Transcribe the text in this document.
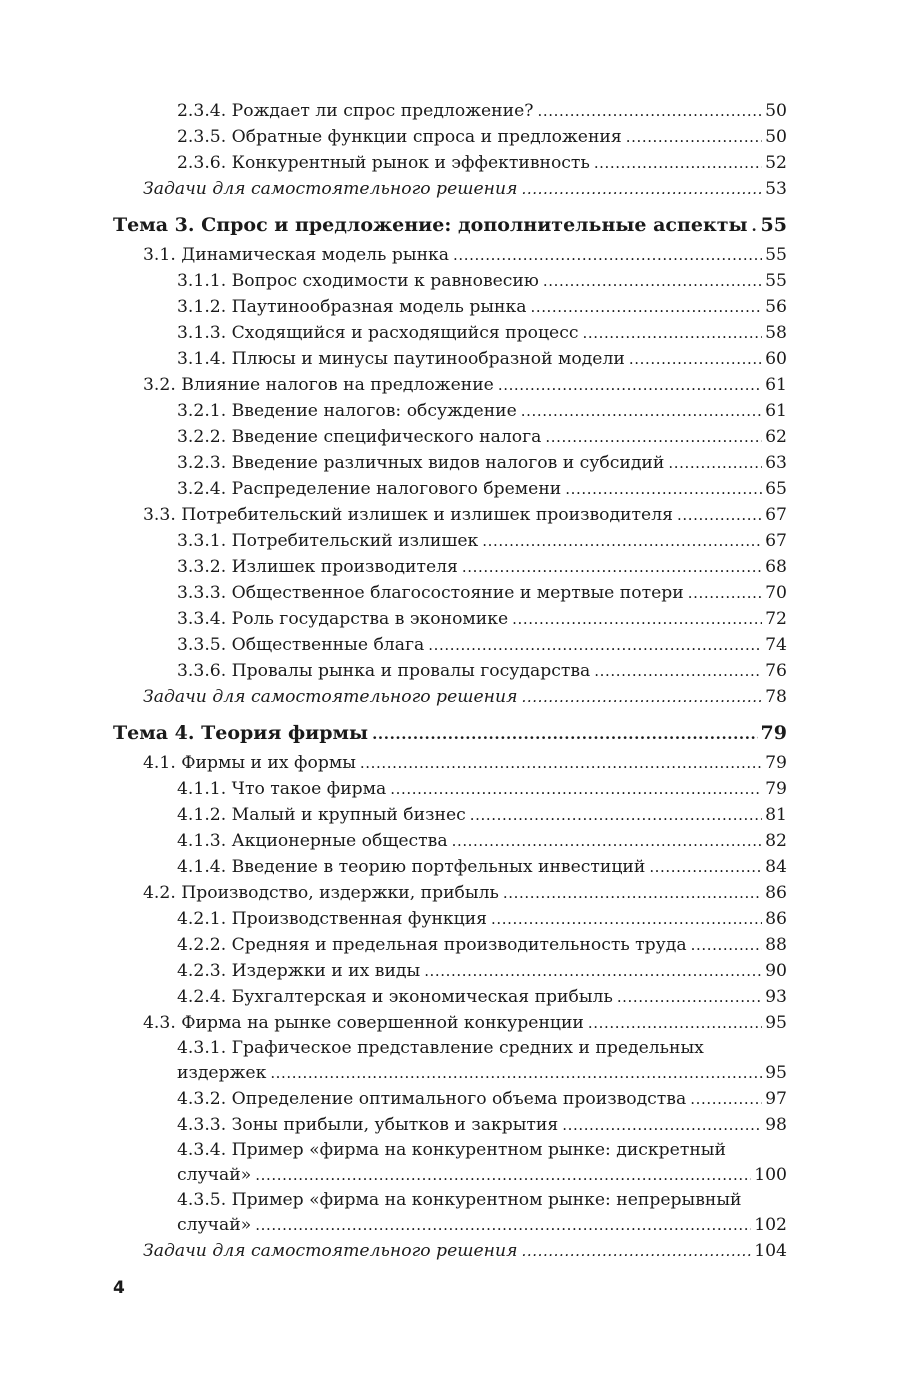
2.3.4. Рождает ли спрос предложение? .....	50
2.3.5. Обратные функции спроса и предложения .....	50
2.3.6. Конкурентный рынок и эффективность .....	52
Задачи для самостоятельного решения .....	53
Тема 3. Спрос и предложение: дополнительные аспекты ..... 55
3.1. Динамическая модель рынка .....	55
3.1.1. Вопрос сходимости к равновесию .....	55
3.1.2. Паутинообразная модель рынка .....	56
3.1.3. Сходящийся и расходящийся процесс .....	58
3.1.4. Плюсы и минусы паутинообразной модели .....	60
3.2. Влияние налогов на предложение .....	61
3.2.1. Введение налогов: обсуждение .....	61
3.2.2. Введение специфического налога .....	62
3.2.3. Введение различных видов налогов и субсидий .....	63
3.2.4. Распределение налогового бремени .....	65
3.3. Потребительский излишек и излишек производителя .....	67
3.3.1. Потребительский излишек .....	67
3.3.2. Излишек производителя .....	68
3.3.3. Общественное благосостояние и мертвые потери .....	70
3.3.4. Роль государства в экономике .....	72
3.3.5. Общественные блага .....	74
3.3.6. Провалы рынка и провалы государства .....	76
Задачи для самостоятельного решения .....	78
Тема 4. Теория фирмы .....	79
4.1. Фирмы и их формы .....	79
4.1.1. Что такое фирма .....	79
4.1.2. Малый и крупный бизнес .....	81
4.1.3. Акционерные общества .....	82
4.1.4. Введение в теорию портфельных инвестиций .....	84
4.2. Производство, издержки, прибыль .....	86
4.2.1. Производственная функция .....	86
4.2.2. Средняя и предельная производительность труда .....	88
4.2.3. Издержки и их виды .....	90
4.2.4. Бухгалтерская и экономическая прибыль .....	93
4.3. Фирма на рынке совершенной конкуренции .....	95
4.3.1. Графическое представление средних и предельных
издержек .....	95
4.3.2. Определение оптимального объема производства .....	97
4.3.3. Зоны прибыли, убытков и закрытия .....	98
4.3.4. Пример «фирма на конкурентном рынке: дискретный
случай» .....	100
4.3.5. Пример «фирма на конкурентном рынке: непрерывный
случай» .....	102
Задачи для самостоятельного решения .....	104
4
